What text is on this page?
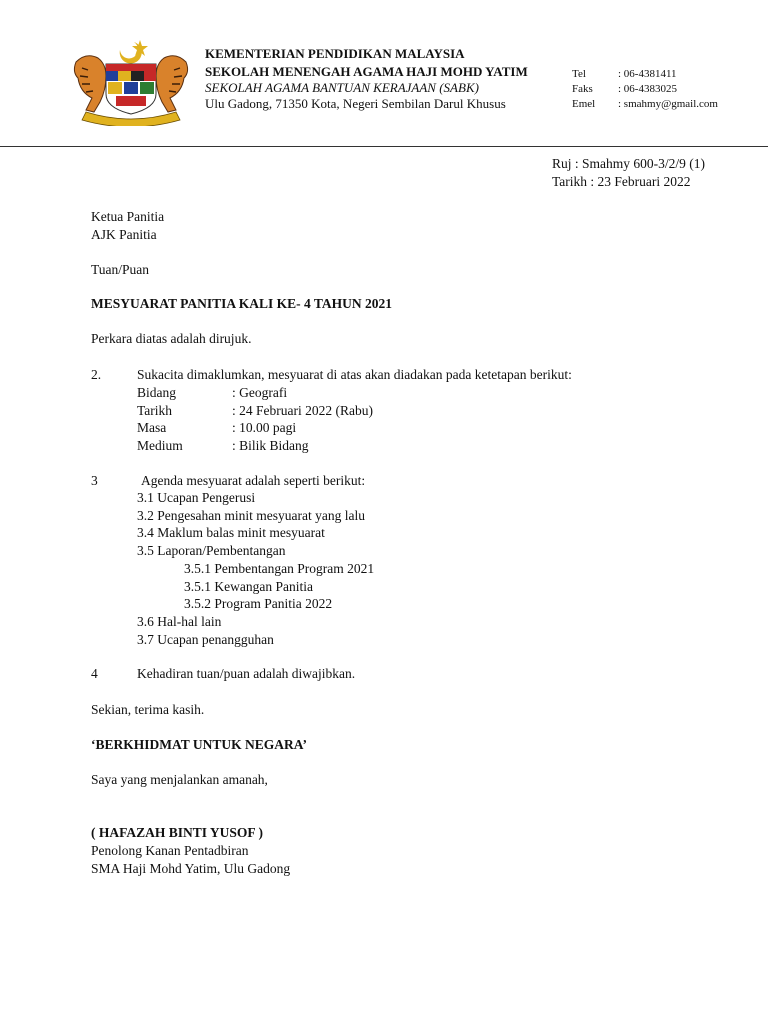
KEMENTERIAN PENDIDIKAN MALAYSIA
SEKOLAH MENENGAH AGAMA HAJI MOHD YATIM
SEKOLAH AGAMA BANTUAN KERAJAAN (SABK)
Ulu Gadong, 71350 Kota, Negeri Sembilan Darul Khusus
Tel	: 06-4381411
Faks	: 06-4383025
Emel	: smahmy@gmail.com
Ruj : Smahmy 600-3/2/9 (1)
Tarikh : 23 Februari 2022
Ketua Panitia
AJK Panitia
Tuan/Puan
MESYUARAT PANITIA KALI KE- 4 TAHUN 2021
Perkara diatas adalah dirujuk.
2.	Sukacita dimaklumkan, mesyuarat di atas akan diadakan pada ketetapan berikut:
Bidang	: Geografi
Tarikh	: 24 Februari 2022 (Rabu)
Masa	: 10.00 pagi
Medium	: Bilik Bidang
3	Agenda mesyuarat adalah seperti berikut:
3.1 Ucapan Pengerusi
3.2 Pengesahan minit mesyuarat yang lalu
3.4 Maklum balas minit mesyuarat
3.5 Laporan/Pembentangan
3.5.1 Pembentangan Program 2021
3.5.1 Kewangan Panitia
3.5.2 Program Panitia 2022
3.6 Hal-hal lain
3.7 Ucapan penangguhan
4	Kehadiran tuan/puan adalah diwajibkan.
Sekian, terima kasih.
‘BERKHIDMAT UNTUK NEGARA’
Saya yang menjalankan amanah,
( HAFAZAH BINTI YUSOF )
Penolong Kanan Pentadbiran
SMA Haji Mohd Yatim, Ulu Gadong
